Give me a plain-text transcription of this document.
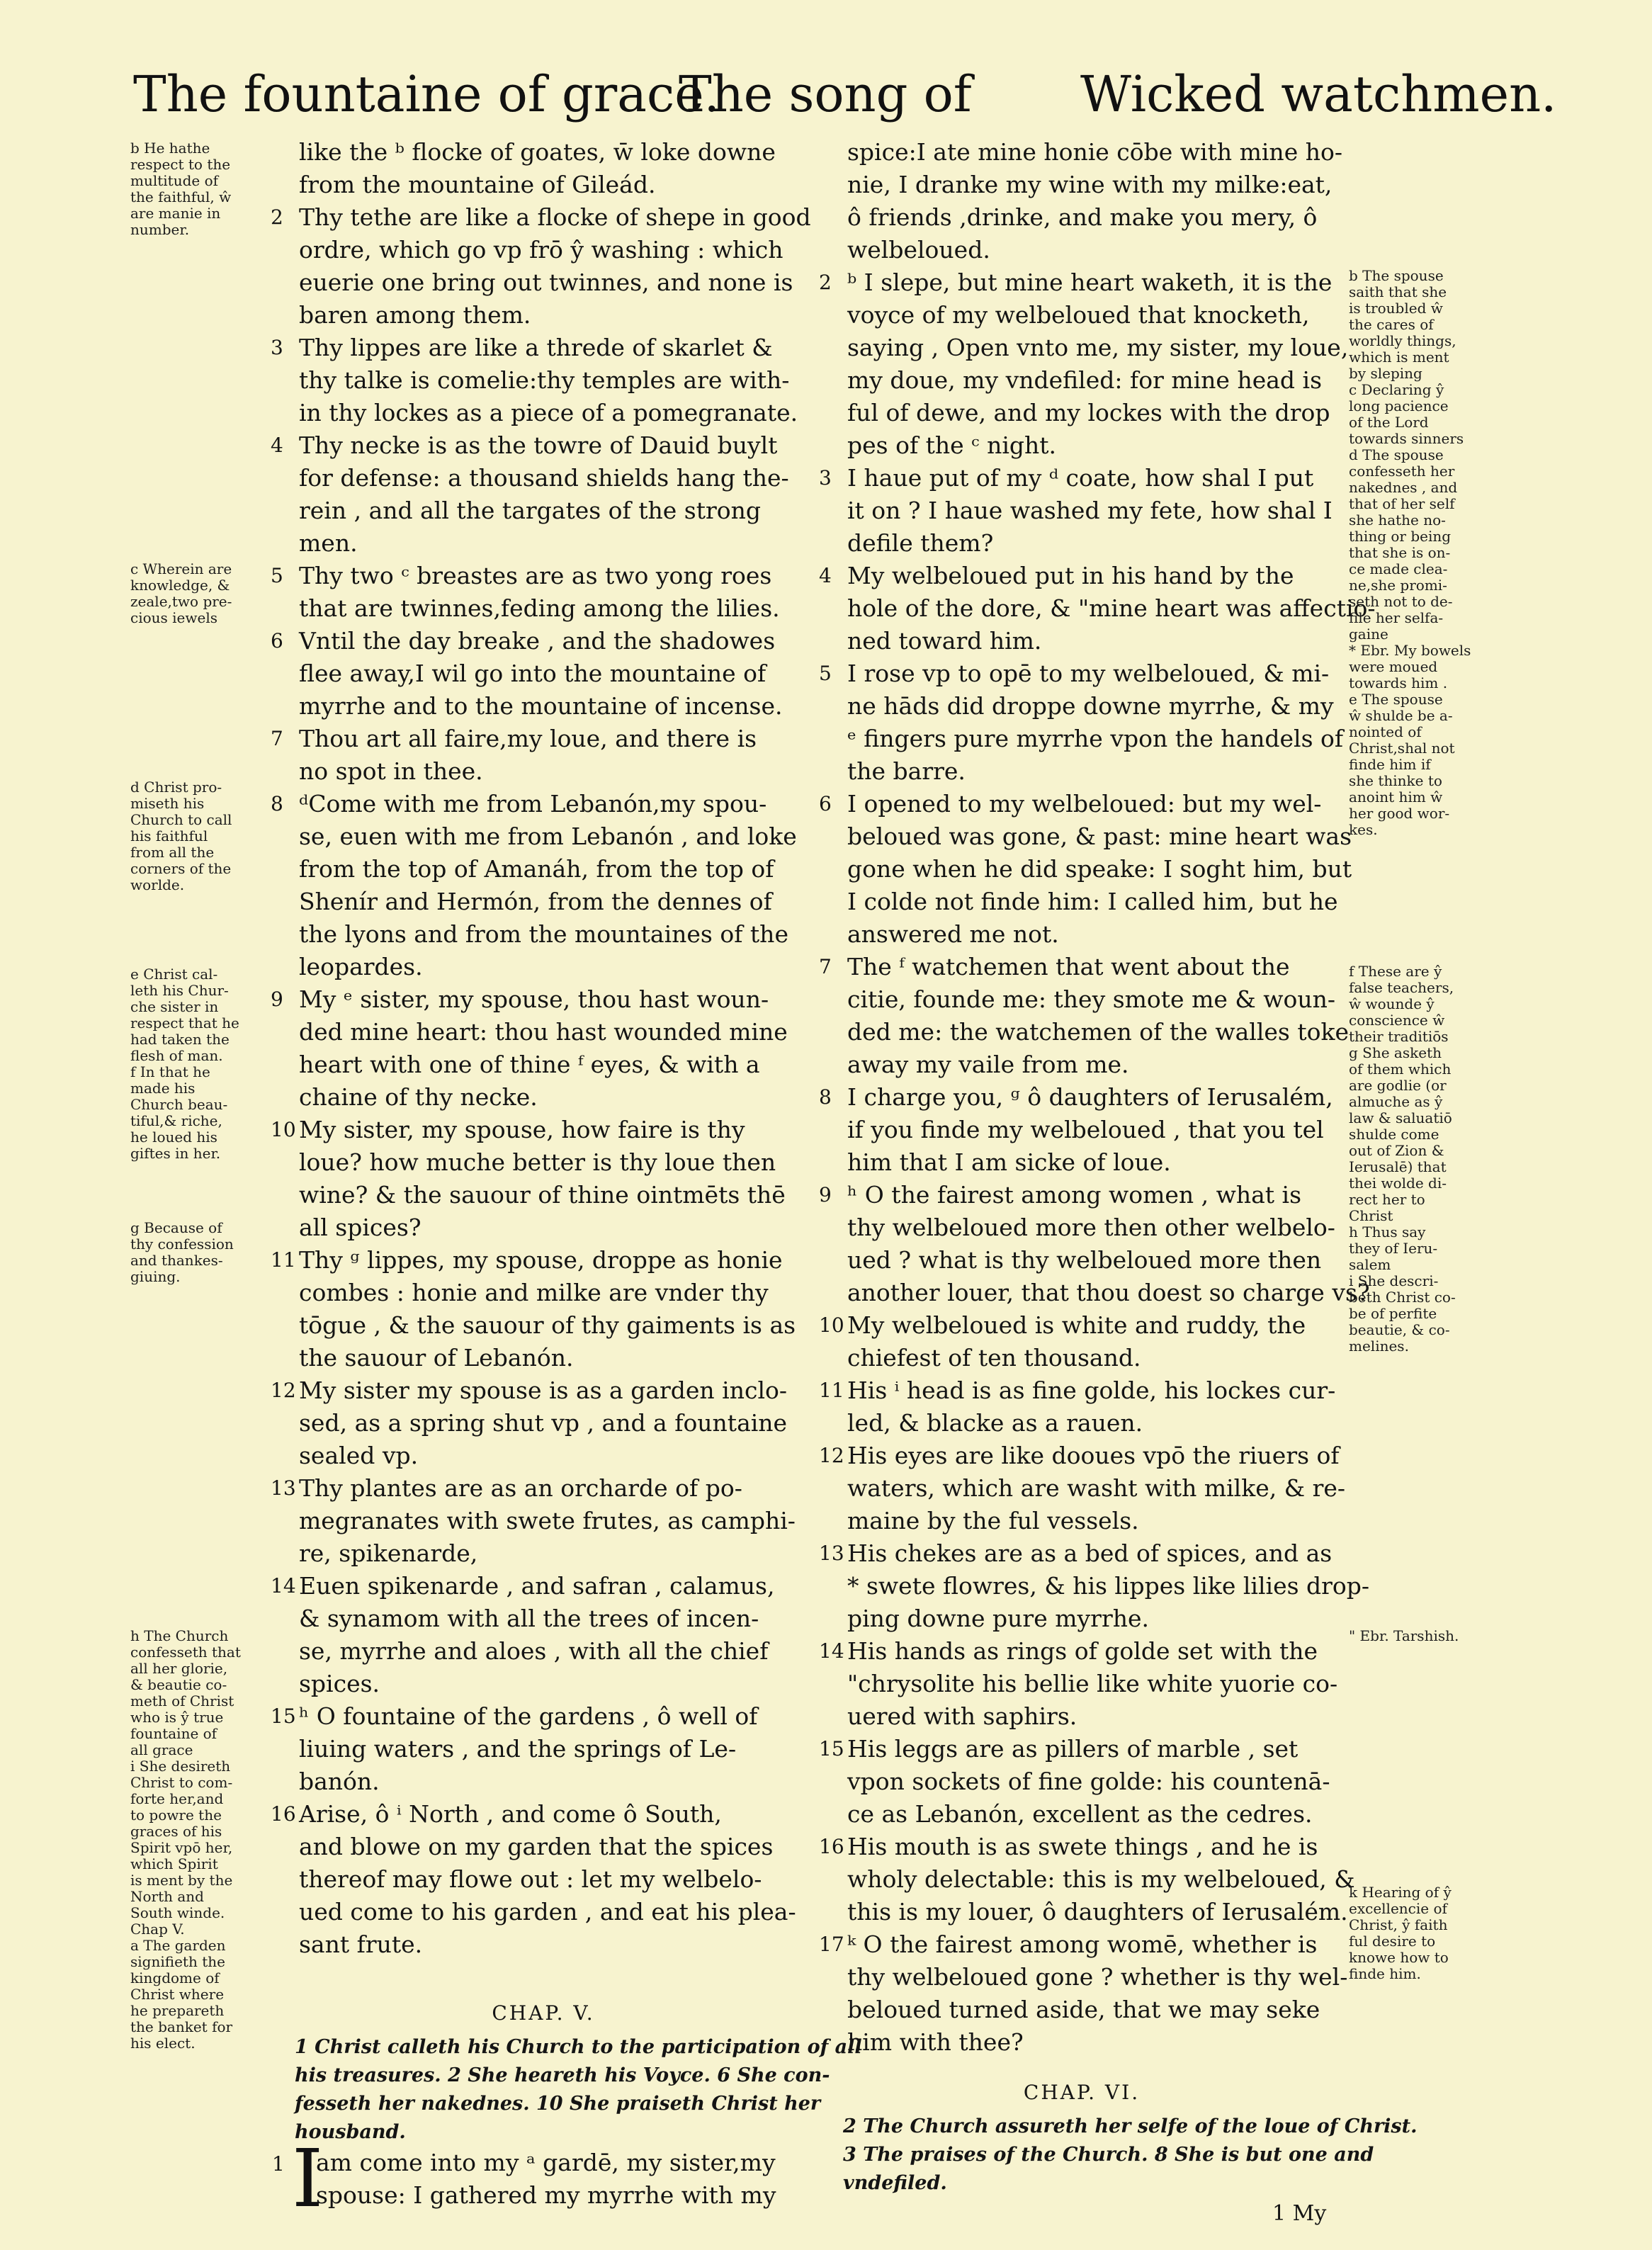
The fountaine of grace.
The song of Wicked watchmen.
b He hathe
respect to the
multitude of
the faithful, ŵ
are manie in
number.
c Wherein are
knowledge, &
zeale,two pre-
cious iewels
d Christ pro-
miseth his
Church to call
his faithful
from all the
corners of the
worlde.
e Christ cal-
leth his Chur-
che sister in
respect that he
had taken the
flesh of man.
f In that he
made his
Church beau-
tiful,& riche,
he loued his
giftes in her.
g Because of
thy confession
and thankes-
giuing.
h The Church
confesseth that
all her glorie,
& beautie co-
meth of Christ
who is ŷ true
fountaine of
all grace
i She desireth
Christ to com-
forte her,and
to powre the
graces of his
Spirit vpō her,
which Spirit
is ment by the
North and
South winde.
Chap V.
a The garden
signifieth the
kingdome of
Christ where
he prepareth
the banket for
his elect.
like the ᵇ flocke of goates, w̄ loke downe
from the mountaine of Gileád.
2 Thy tethe are like a flocke of shepe in good
ordre, which go vp frō ŷ washing : which
euerie one bring out twinnes, and none is
baren among them.
3 Thy lippes are like a threde of skarlet &
thy talke is comelie:thy temples are with-
in thy lockes as a piece of a pomegranate.
4 Thy necke is as the towre of Dauid buylt
for defense: a thousand shields hang the-
rein , and all the targates of the strong
men.
5 Thy two ᶜ breastes are as two yong roes
that are twinnes,feding among the lilies.
6 Vntil the day breake , and the shadowes
flee away,I wil go into the mountaine of
myrrhe and to the mountaine of incense.
7 Thou art all faire,my loue, and there is
no spot in thee.
8 ᵈCome with me from Lebanón,my spou-
se, euen with me from Lebanón , and loke
from the top of Amanáh, from the top of
Shenír and Hermón, from the dennes of
the lyons and from the mountaines of the
leopardes.
9 My ᵉ sister, my spouse, thou hast woun-
ded mine heart: thou hast wounded mine
heart with one of thine ᶠ eyes, & with a
chaine of thy necke.
10 My sister, my spouse, how faire is thy
loue? how muche better is thy loue then
wine? & the sauour of thine ointmēts thē
all spices?
11 Thy ᵍ lippes, my spouse, droppe as honie
combes : honie and milke are vnder thy
tōgue , & the sauour of thy gaiments is as
the sauour of Lebanón.
12 My sister my spouse is as a garden inclo-
sed, as a spring shut vp , and a fountaine
sealed vp.
13 Thy plantes are as an orcharde of po-
megranates with swete frutes, as camphi-
re, spikenarde,
14 Euen spikenarde , and safran , calamus,
& synamom with all the trees of incen-
se, myrrhe and aloes , with all the chief
spices.
15 ʰ O fountaine of the gardens , ô well of
liuing waters , and the springs of Le-
banón.
16 Arise, ô ⁱ North , and come ô South,
and blowe on my garden that the spices
thereof may flowe out : let my welbelo-
ued come to his garden , and eat his plea-
sant frute.
CHAP. V.
1 Christ calleth his Church to the participation of all
his treasures. 2 She heareth his Voyce. 6 She con-
fesseth her nakednes. 10 She praiseth Christ her
housband.
am come into my ᵃ gardē, my sister,my
spouse: I gathered my myrrhe with my
b The spouse
saith that she
is troubled ŵ
the cares of
worldly things,
which is ment
by sleping
c Declaring ŷ
long pacience
of the Lord
towards sinners
d The spouse
confesseth her
nakednes , and
that of her self
she hathe no-
thing or being
that she is on-
ce made clea-
ne,she promi-
seth not to de-
file her selfa-
gaine
* Ebr. My bowels
were moued
towards him .
e The spouse
ŵ shulde be a-
nointed of
Christ,shal not
finde him if
she thinke to
anoint him ŵ
her good wor-
kes.
f These are ŷ
false teachers,
ŵ wounde ŷ
conscience ŵ
their traditiōs
g She asketh
of them which
are godlie (or
almuche as ŷ
law & saluatiō
shulde come
out of Zion &
Ierusalē) that
thei wolde di-
rect her to
Christ
h Thus say
they of Ieru-
salem
i She descri-
beth Christ co-
be of perfite
beautie, & co-
melines.
" Ebr. Tarshish.
k Hearing of ŷ
excellencie of
Christ, ŷ faith
ful desire to
knowe how to
finde him.
spice:I ate mine honie cōbe with mine ho-
nie, I dranke my wine with my milke:eat,
ô friends ,drinke, and make you mery, ô
welbeloued.
2 ᵇ I slepe, but mine heart waketh, it is the
voyce of my welbeloued that knocketh,
saying , Open vnto me, my sister, my loue,
my doue, my vndefiled: for mine head is
ful of dewe, and my lockes with the drop
pes of the ᶜ night.
3 I haue put of my ᵈ coate, how shal I put
it on ? I haue washed my fete, how shal I
defile them?
4 My welbeloued put in his hand by the
hole of the dore, & "mine heart was affectio-
ned toward him.
5 I rose vp to opē to my welbeloued, & mi-
ne hāds did droppe downe myrrhe, & my
ᵉ fingers pure myrrhe vpon the handels of
the barre.
6 I opened to my welbeloued: but my wel-
beloued was gone, & past: mine heart was
gone when he did speake: I soght him, but
I colde not finde him: I called him, but he
answered me not.
7 The ᶠ watchemen that went about the
citie, founde me: they smote me & woun-
ded me: the watchemen of the walles toke
away my vaile from me.
8 I charge you, ᵍ ô daughters of Ierusalém,
if you finde my welbeloued , that you tel
him that I am sicke of loue.
9 ʰ O the fairest among women , what is
thy welbeloued more then other welbelo-
ued ? what is thy welbeloued more then
another louer, that thou doest so charge vs?
10 My welbeloued is white and ruddy, the
chiefest of ten thousand.
11 His ⁱ head is as fine golde, his lockes cur-
led, & blacke as a rauen.
12 His eyes are like dooues vpō the riuers of
waters, which are washt with milke, & re-
maine by the ful vessels.
13 His chekes are as a bed of spices, and as
* swete flowres, & his lippes like lilies drop-
ping downe pure myrrhe.
14 His hands as rings of golde set with the
"chrysolite his bellie like white yuorie co-
uered with saphirs.
15 His leggs are as pillers of marble , set
vpon sockets of fine golde: his countenā-
ce as Lebanón, excellent as the cedres.
16 His mouth is as swete things , and he is
wholy delectable: this is my welbeloued, &
this is my louer, ô daughters of Ierusalém.
17 ᵏ O the fairest among womē, whether is
thy welbeloued gone ? whether is thy wel-
beloued turned aside, that we may seke
him with thee?
CHAP. VI.
2 The Church assureth her selfe of the loue of Christ.
3 The praises of the Church. 8 She is but one and
vndefiled.
1 My
I
1
